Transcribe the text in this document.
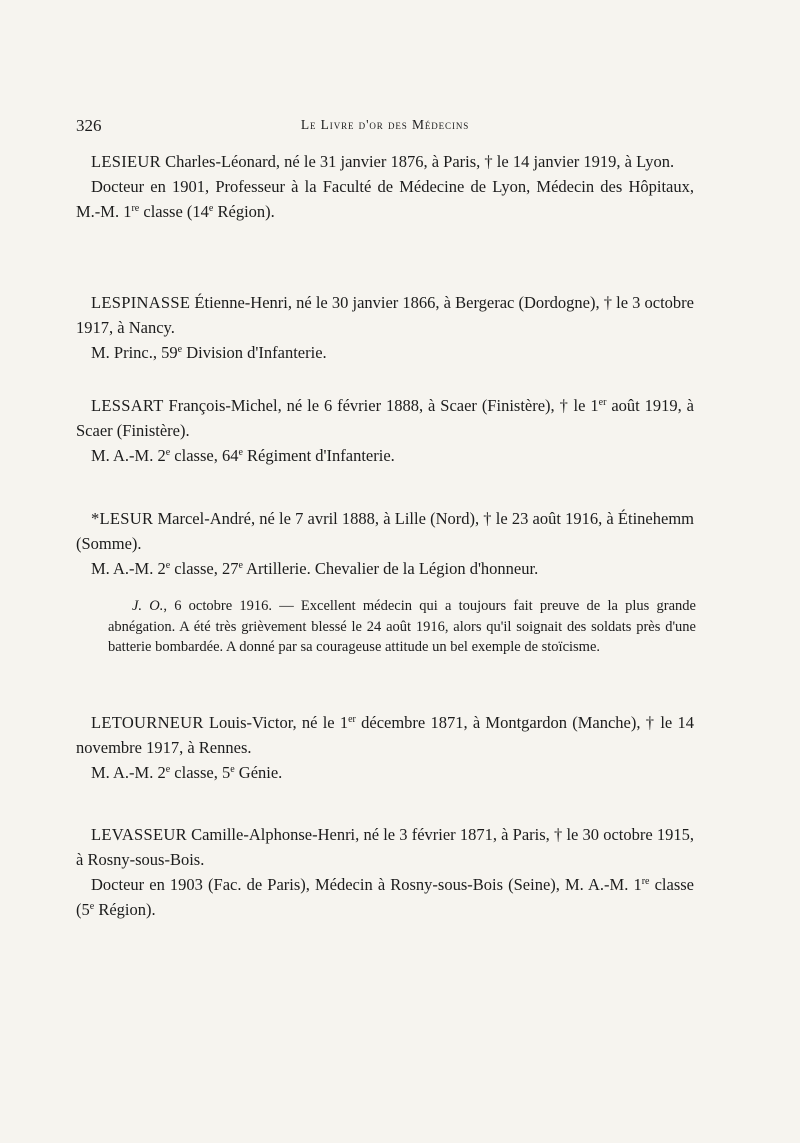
326	Le Livre d'or des Médecins

LESIEUR Charles-Léonard, né le 31 janvier 1876, à Paris, † le 14 janvier 1919, à Lyon.

Docteur en 1901, Professeur à la Faculté de Médecine de Lyon, Médecin des Hôpitaux, M.-M. 1re classe (14e Région).

LESPINASSE Étienne-Henri, né le 30 janvier 1866, à Bergerac (Dordogne), † le 3 octobre 1917, à Nancy.

M. Princ., 59e Division d'Infanterie.

LESSART François-Michel, né le 6 février 1888, à Scaer (Finistère), † le 1er août 1919, à Scaer (Finistère).

M. A.-M. 2e classe, 64e Régiment d'Infanterie.

*LESUR Marcel-André, né le 7 avril 1888, à Lille (Nord), † le 23 août 1916, à Étinehemm (Somme).

M. A.-M. 2e classe, 27e Artillerie. Chevalier de la Légion d'honneur.

J. O., 6 octobre 1916. — Excellent médecin qui a toujours fait preuve de la plus grande abnégation. A été très grièvement blessé le 24 août 1916, alors qu'il soignait des soldats près d'une batterie bombardée. A donné par sa courageuse attitude un bel exemple de stoïcisme.

LETOURNEUR Louis-Victor, né le 1er décembre 1871, à Montgardon (Manche), † le 14 novembre 1917, à Rennes.

M. A.-M. 2e classe, 5e Génie.

LEVASSEUR Camille-Alphonse-Henri, né le 3 février 1871, à Paris, † le 30 octobre 1915, à Rosny-sous-Bois.

Docteur en 1903 (Fac. de Paris), Médecin à Rosny-sous-Bois (Seine), M. A.-M. 1re classe (5e Région).
